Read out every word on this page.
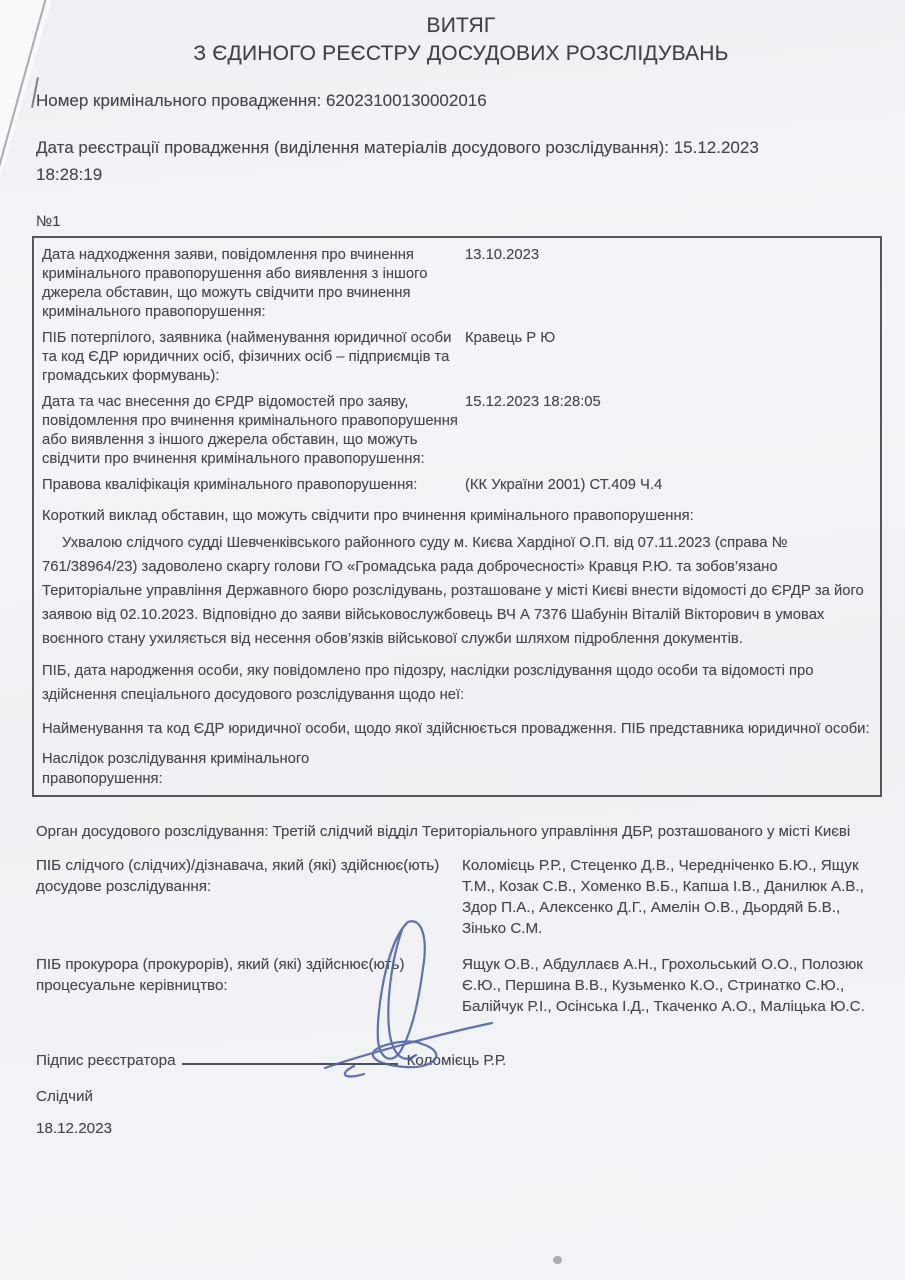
ВИТЯГ
З ЄДИНОГО РЕЄСТРУ ДОСУДОВИХ РОЗСЛІДУВАНЬ
Номер кримінального провадження: 62023100130002016
Дата реєстрації провадження (виділення матеріалів досудового розслідування): 15.12.2023
18:28:19
№1
Дата надходження заяви, повідомлення про вчинення кримінального правопорушення або виявлення з іншого джерела обставин, що можуть свідчити про вчинення кримінального правопорушення:
13.10.2023
ПІБ потерпілого, заявника (найменування юридичної особи та код ЄДР юридичних осіб, фізичних осіб – підприємців та громадських формувань):
Кравець Р Ю
Дата та час внесення до ЄРДР відомостей про заяву, повідомлення про вчинення кримінального правопорушення або виявлення з іншого джерела обставин, що можуть свідчити про вчинення кримінального правопорушення:
15.12.2023 18:28:05
Правова кваліфікація кримінального правопорушення:	(КК України 2001) СТ.409 Ч.4
Короткий виклад обставин, що можуть свідчити про вчинення кримінального правопорушення:
Ухвалою слідчого судді Шевченківського районного суду м. Києва Хардіної О.П. від 07.11.2023 (справа № 761/38964/23) задоволено скаргу голови ГО «Громадська рада доброчесності» Кравця Р.Ю. та зобов’язано Територіальне управління Державного бюро розслідувань, розташоване у місті Києві внести відомості до ЄРДР за його заявою від 02.10.2023. Відповідно до заяви військовослужбовець ВЧ А 7376 Шабунін Віталій Вікторович в умовах воєнного стану ухиляється від несення обов’язків військової служби шляхом підроблення документів.
ПІБ, дата народження особи, яку повідомлено про підозру, наслідки розслідування щодо особи та відомості про здійснення спеціального досудового розслідування щодо неї:
Найменування та код ЄДР юридичної особи, щодо якої здійснюється провадження. ПІБ представника юридичної особи:
Наслідок розслідування кримінального правопорушення:
Орган досудового розслідування: Третій слідчий відділ Територіального управління ДБР, розташованого у місті Києві
ПІБ слідчого (слідчих)/дізнавача, який (які) здійснює(ють) досудове розслідування:
Коломієць Р.Р., Стеценко Д.В., Чередніченко Б.Ю., Ящук Т.М., Козак С.В., Хоменко В.Б., Капша І.В., Данилюк А.В., Здор П.А., Алексенко Д.Г., Амелін О.В., Дьордяй Б.В., Зінько С.М.
ПІБ прокурора (прокурорів), який (які) здійснює(ють) процесуальне керівництво:
Ящук О.В., Абдуллаєв А.Н., Грохольський О.О., Полозюк Є.Ю., Першина В.В., Кузьменко К.О., Стринатко С.Ю., Балійчук Р.І., Осінська І.Д., Ткаченко А.О., Маліцька Ю.С.
Підпис реєстратора	Коломієць Р.Р.
Слідчий
18.12.2023
